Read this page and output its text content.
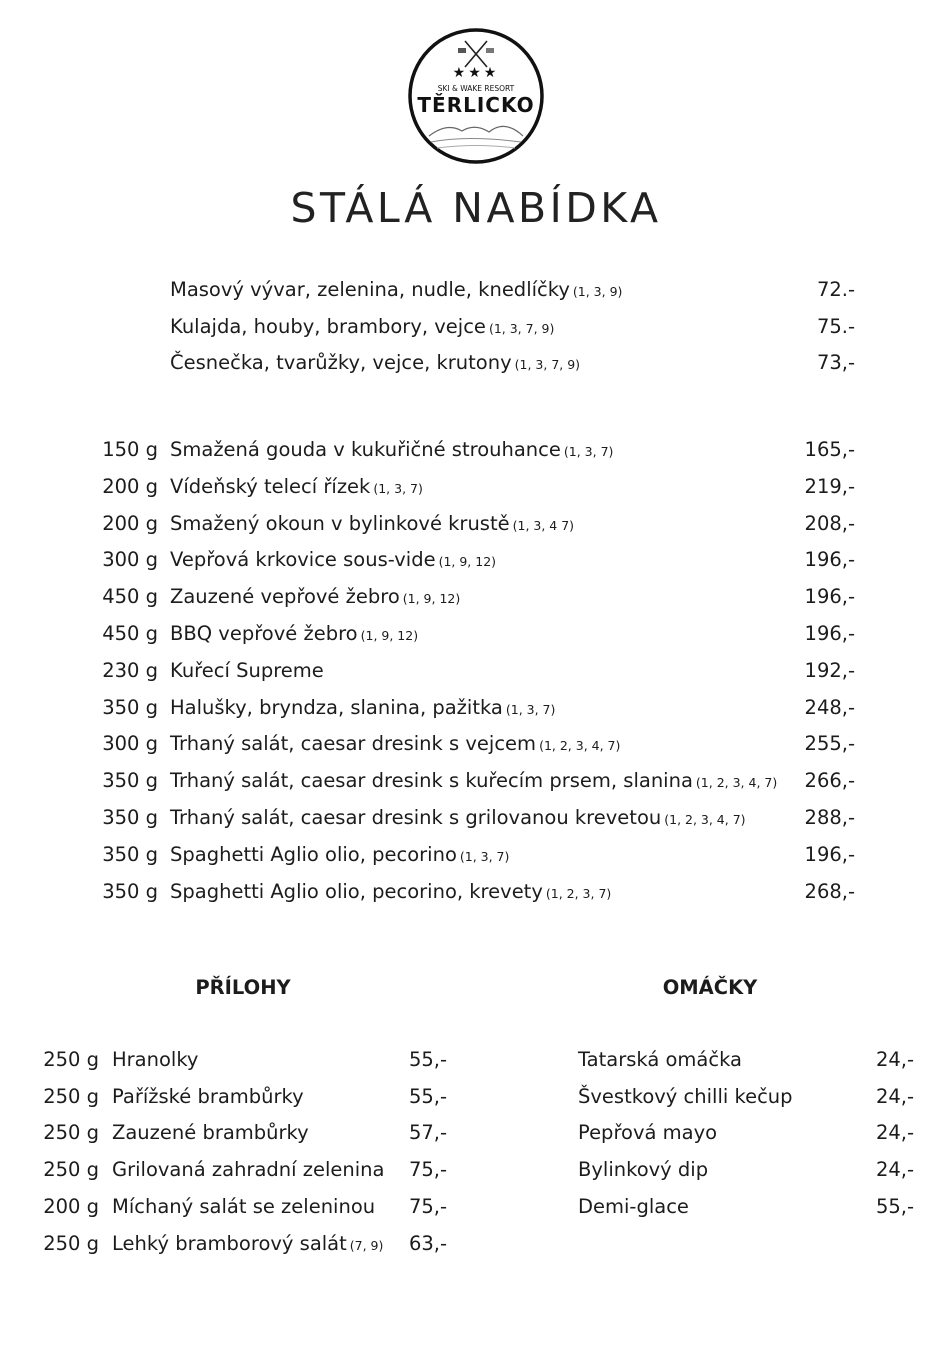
★★★
SKI & WAKE RESORT
TĚRLICKO
STÁLÁ NABÍDKA
Masový vývar, zelenina, nudle, knedlíčky (1, 3, 9)	72.-
Kulajda, houby, brambory, vejce (1, 3, 7, 9)	75.-
Česnečka, tvarůžky, vejce, krutony (1, 3, 7, 9)	73,-
150 g Smažená gouda v kukuřičné strouhance (1, 3, 7)	165,-
200 g Vídeňský telecí řízek (1, 3, 7)	219,-
200 g Smažený okoun v bylinkové krustě (1, 3, 4 7)	208,-
300 g Vepřová krkovice sous-vide (1, 9, 12)	196,-
450 g Zauzené vepřové žebro (1, 9, 12)	196,-
450 g BBQ vepřové žebro (1, 9, 12)	196,-
230 g Kuřecí Supreme	192,-
350 g Halušky, bryndza, slanina, pažitka (1, 3, 7)	248,-
300 g Trhaný salát, caesar dresink s vejcem (1, 2, 3, 4, 7)	255,-
350 g Trhaný salát, caesar dresink s kuřecím prsem, slanina (1, 2, 3, 4, 7) 266,-
350 g Trhaný salát, caesar dresink s grilovanou krevetou (1, 2, 3, 4, 7)	288,-
350 g Spaghetti Aglio olio, pecorino (1, 3, 7)	196,-
350 g Spaghetti Aglio olio, pecorino, krevety (1, 2, 3, 7)	268,-
PŘÍLOHY	OMÁČKY
250 g Hranolky	55,-
250 g Pařížské brambůrky	55,-
250 g Zauzené brambůrky	57,-
250 g Grilovaná zahradní zelenina	75,-
200 g Míchaný salát se zeleninou	75,-
250 g Lehký bramborový salát (7, 9)	63,-
Tatarská omáčka	24,-
Švestkový chilli kečup	24,-
Pepřová mayo	24,-
Bylinkový dip	24,-
Demi-glace	55,-
